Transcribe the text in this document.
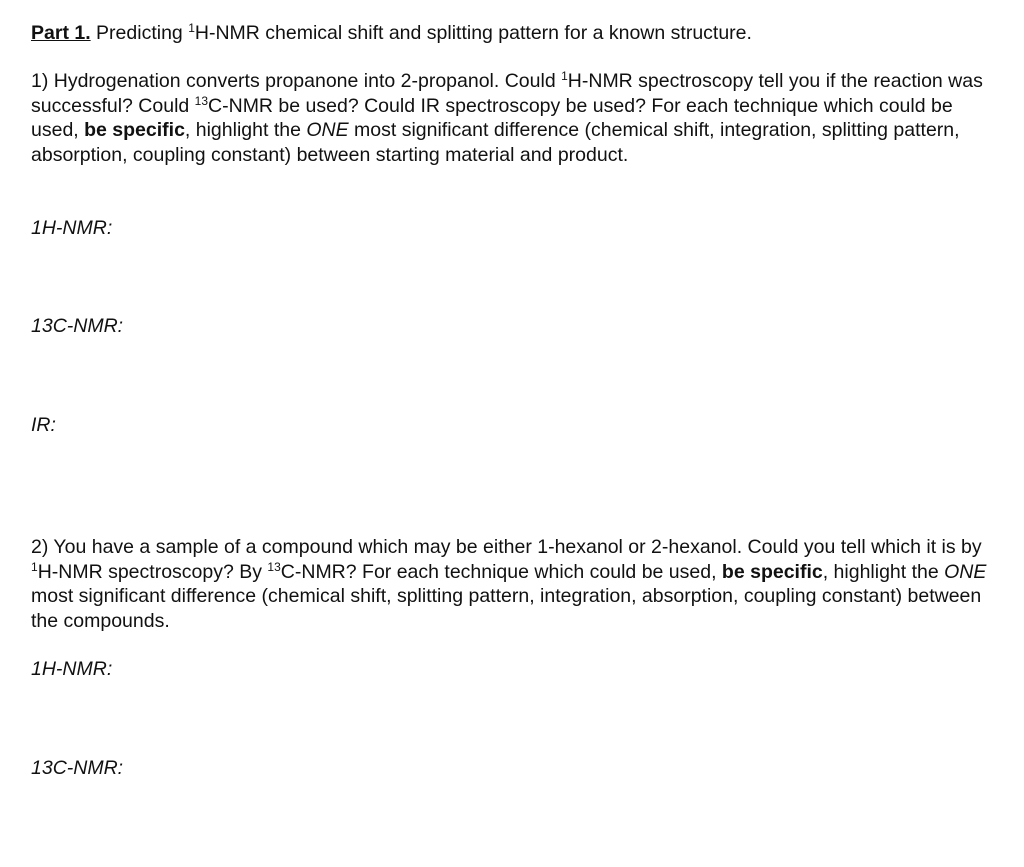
Part 1. Predicting $^1$H-NMR chemical shift and splitting pattern for a known structure.

1) Hydrogenation converts propanone into 2-propanol. Could $^1$H-NMR spectroscopy tell you if the reaction was successful? Could $^{13}$C-NMR be used? Could IR spectroscopy be used? For each technique which could be used, be specific, highlight the ONE most significant difference (chemical shift, integration, splitting pattern, absorption, coupling constant) between starting material and product.

1H-NMR:
13C-NMR:
IR:

2) You have a sample of a compound which may be either 1-hexanol or 2-hexanol. Could you tell which it is by $^1$H-NMR spectroscopy? By $^{13}$C-NMR? For each technique which could be used, be specific, highlight the ONE most significant difference (chemical shift, splitting pattern, integration, absorption, coupling constant) between the compounds.

1H-NMR:
13C-NMR:
